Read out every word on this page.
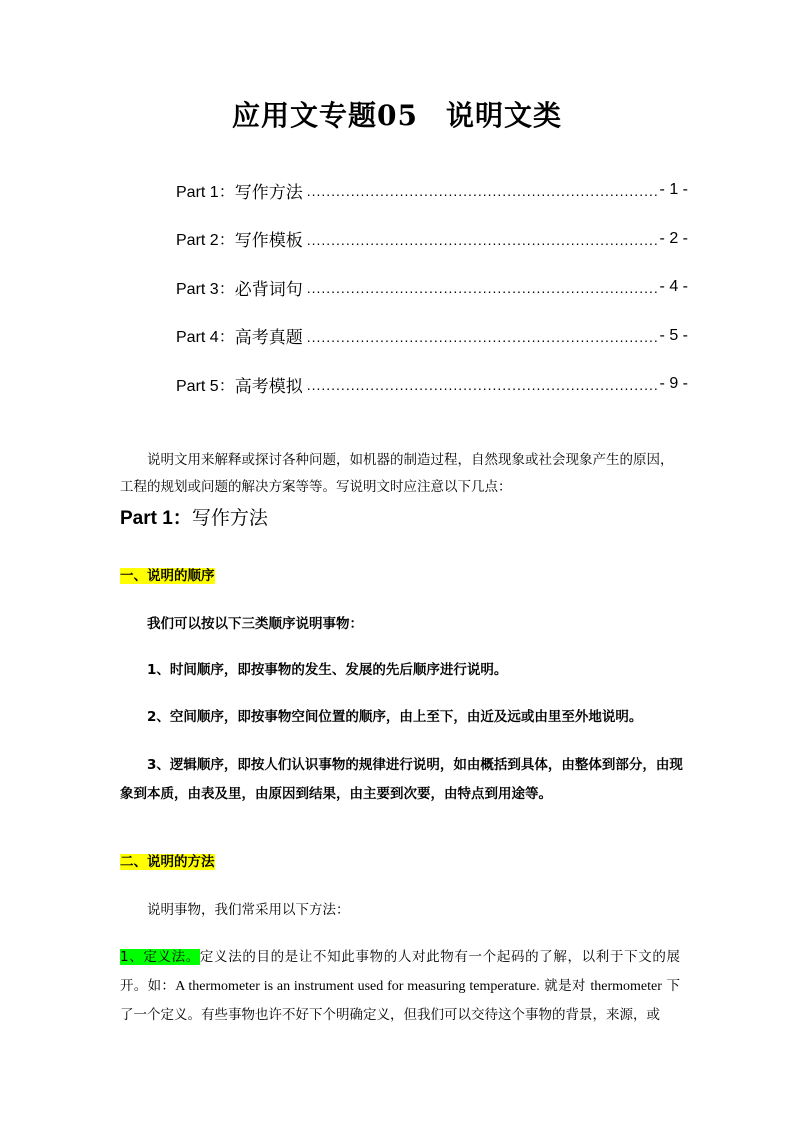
应用文专题05 说明文类
Part 1： 写作方法 .....	- 1 -
Part 2： 写作模板 .....	- 2 -
Part 3： 必背词句 .....	- 4 -
Part 4： 高考真题 .....	- 5 -
Part 5： 高考模拟 .....	- 9 -

说明文用来解释或探讨各种问题，如机器的制造过程，自然现象或社会现象产生的原因，工程的规划或问题的解决方案等等。写说明文时应注意以下几点：

Part 1：写作方法
一、说明的顺序
我们可以按以下三类顺序说明事物：
1、时间顺序，即按事物的发生、发展的先后顺序进行说明。
2、空间顺序，即按事物空间位置的顺序，由上至下，由近及远或由里至外地说明。
3、逻辑顺序，即按人们认识事物的规律进行说明，如由概括到具体，由整体到部分，由现象到本质，由表及里，由原因到结果，由主要到次要，由特点到用途等。
二、说明的方法
说明事物，我们常采用以下方法：

1、定义法。定义法的目的是让不知此事物的人对此物有一个起码的了解，以利于下文的展开。如：A thermometer is an instrument used for measuring temperature. 就是对 thermometer 下了一个定义。有些事物也许不好下个明确定义，但我们可以交待这个事物的背景，来源，或
